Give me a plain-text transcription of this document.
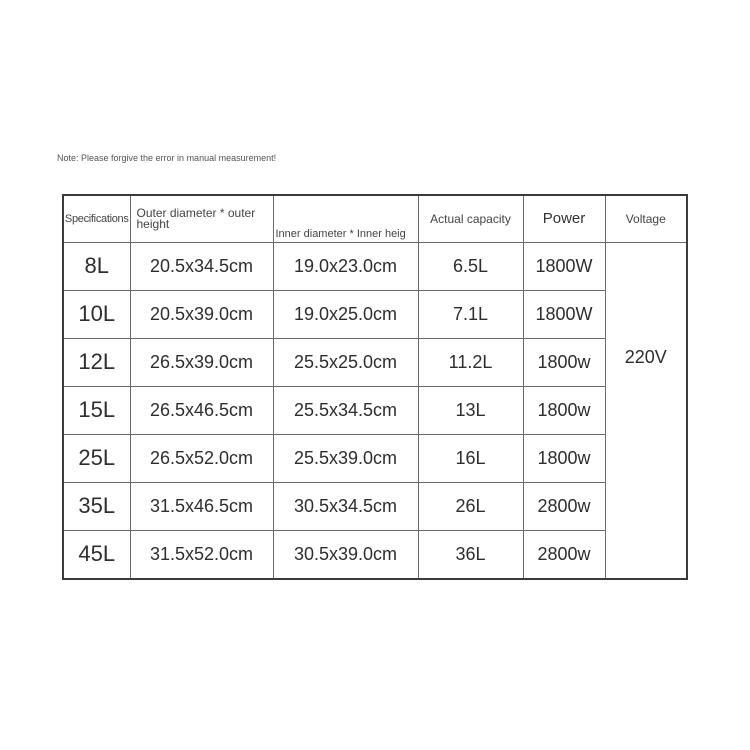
Note: Please forgive the error in manual measurement!
Specifications	Outer diameter * outer height	Inner diameter * Inner heig	Actual capacity	Power	Voltage
8L	20.5x34.5cm	19.0x23.0cm	6.5L	1800W	220V
10L	20.5x39.0cm	19.0x25.0cm	7.1L	1800W	
12L	26.5x39.0cm	25.5x25.0cm	11.2L	1800w	
15L	26.5x46.5cm	25.5x34.5cm	13L	1800w	
25L	26.5x52.0cm	25.5x39.0cm	16L	1800w	
35L	31.5x46.5cm	30.5x34.5cm	26L	2800w	
45L	31.5x52.0cm	30.5x39.0cm	36L	2800w	
